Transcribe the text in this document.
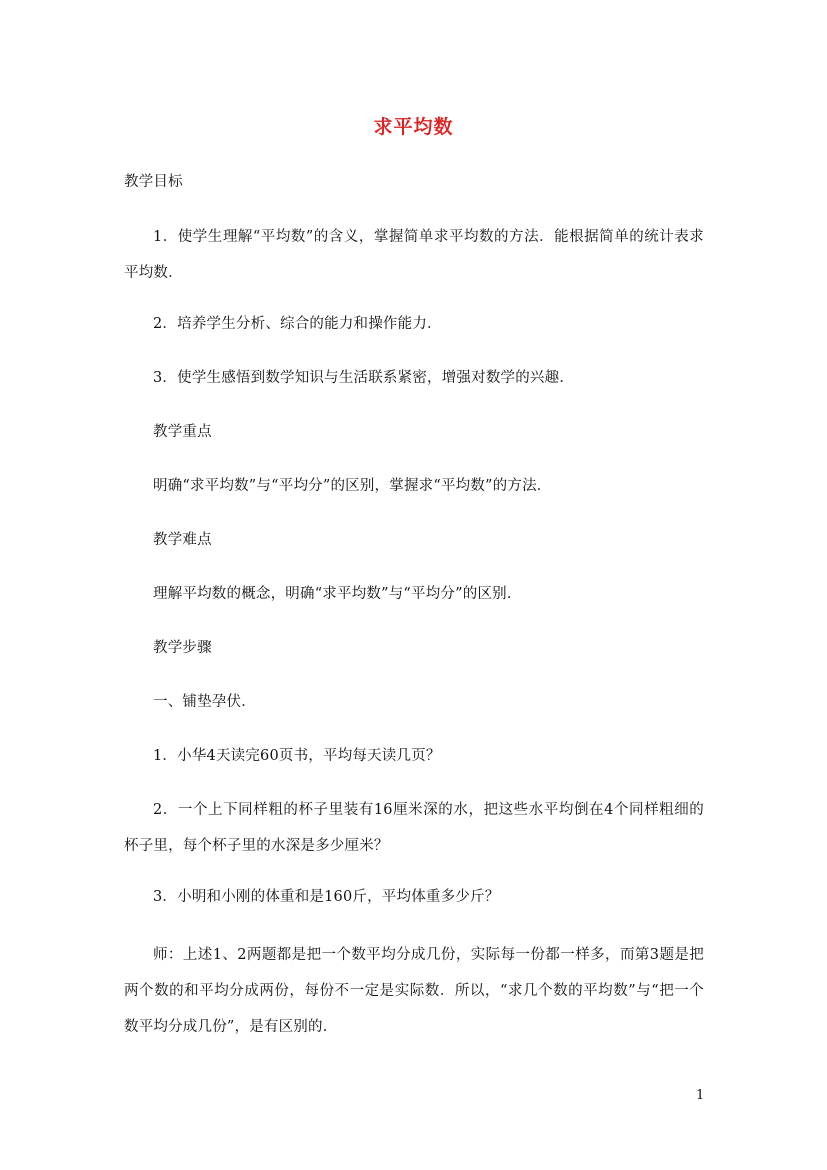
求平均数
教学目标
1．使学生理解“平均数”的含义，掌握简单求平均数的方法．能根据简单的统计表求平均数．
2．培养学生分析、综合的能力和操作能力．
3．使学生感悟到数学知识与生活联系紧密，增强对数学的兴趣．
教学重点
明确“求平均数”与“平均分”的区别，掌握求“平均数”的方法．
教学难点
理解平均数的概念，明确“求平均数”与“平均分”的区别．
教学步骤
一、铺垫孕伏．
1．小华4天读完60页书，平均每天读几页？
2．一个上下同样粗的杯子里装有16厘米深的水，把这些水平均倒在4个同样粗细的杯子里，每个杯子里的水深是多少厘米？
3．小明和小刚的体重和是160斤，平均体重多少斤？
师：上述1、2两题都是把一个数平均分成几份，实际每一份都一样多，而第3题是把两个数的和平均分成两份，每份不一定是实际数．所以，“求几个数的平均数”与“把一个数平均分成几份”，是有区别的．
1
